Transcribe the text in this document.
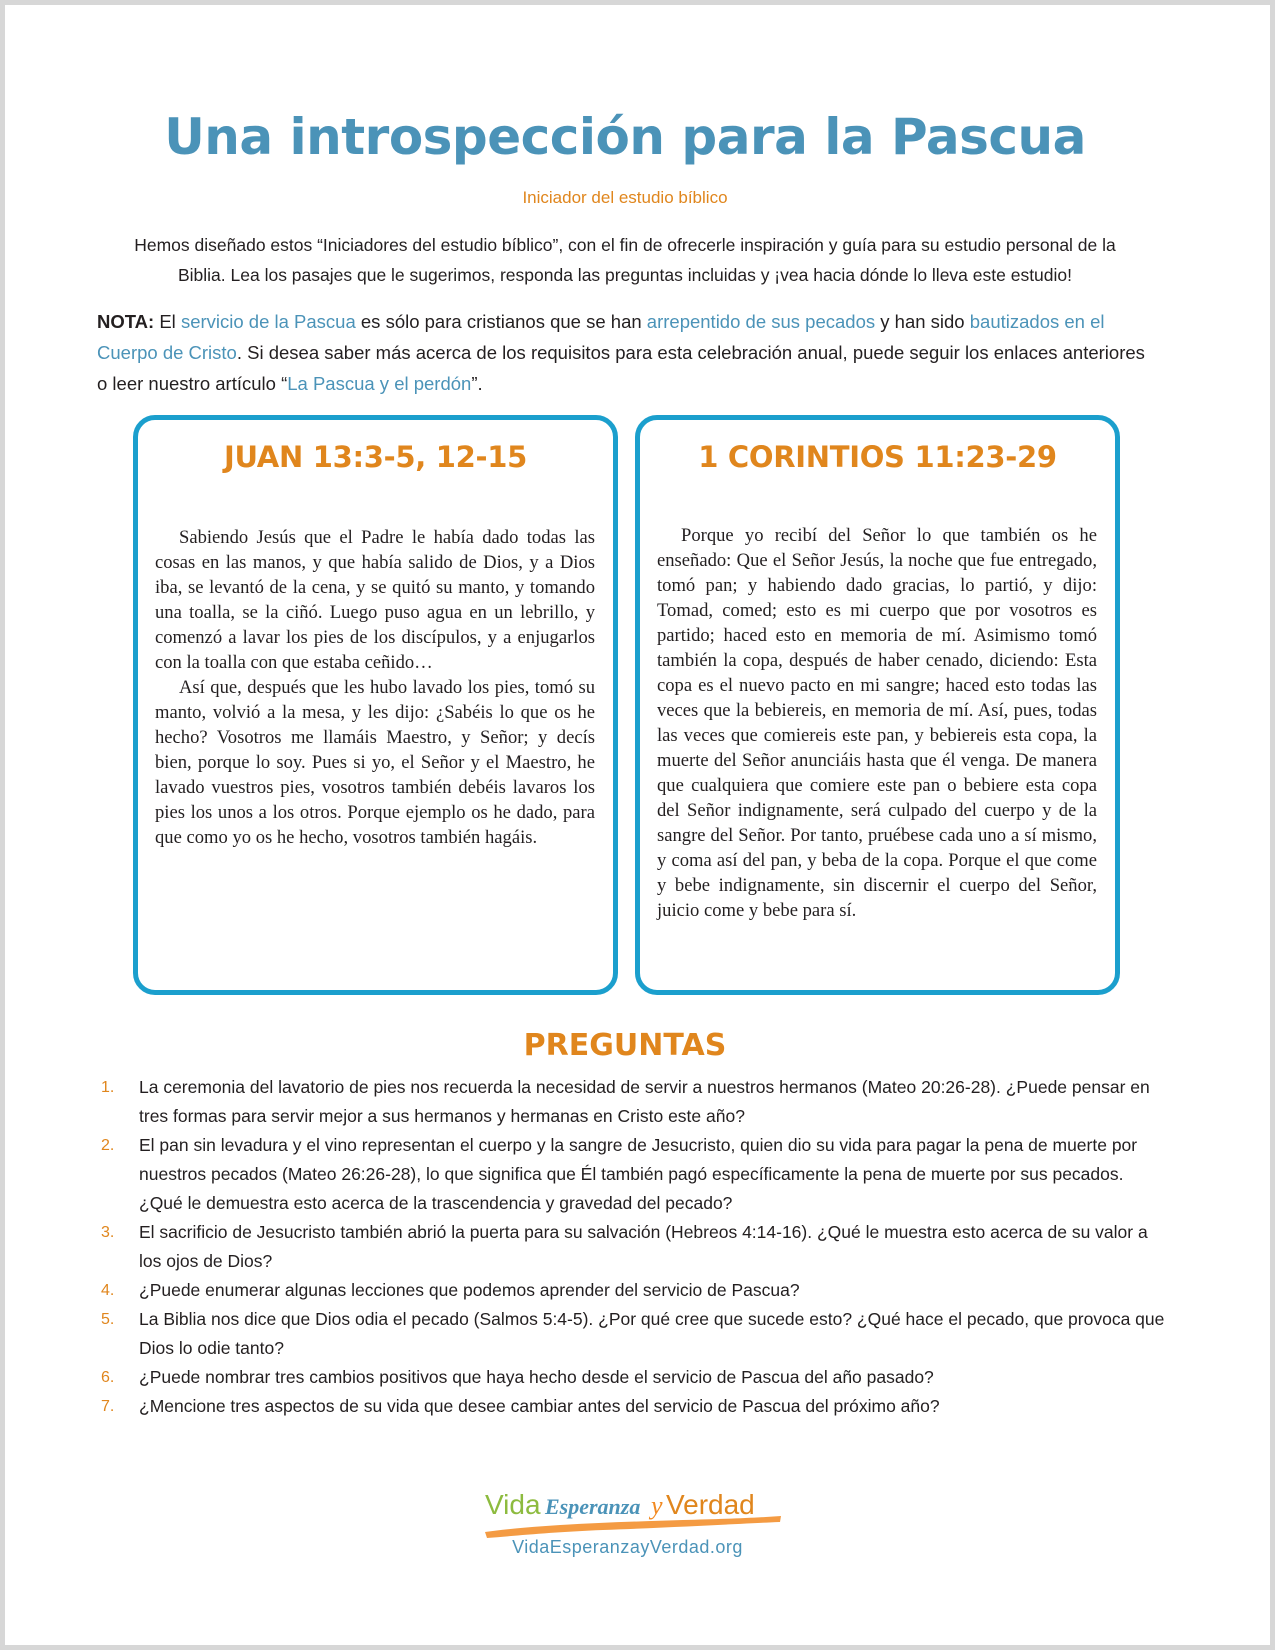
Una introspección para la Pascua
Iniciador del estudio bíblico

Hemos diseñado estos “Iniciadores del estudio bíblico”, con el fin de ofrecerle inspiración y guía para su estudio personal de la Biblia. Lea los pasajes que le sugerimos, responda las preguntas incluidas y ¡vea hacia dónde lo lleva este estudio!

NOTA: El servicio de la Pascua es sólo para cristianos que se han arrepentido de sus pecados y han sido bautizados en el Cuerpo de Cristo. Si desea saber más acerca de los requisitos para esta celebración anual, puede seguir los enlaces anteriores o leer nuestro artículo “La Pascua y el perdón”.

JUAN 13:3-5, 12-15

Sabiendo Jesús que el Padre le había dado todas las cosas en las manos, y que había salido de Dios, y a Dios iba, se levantó de la cena, y se quitó su manto, y tomando una toalla, se la ciñó. Luego puso agua en un lebrillo, y comenzó a lavar los pies de los discípulos, y a enjugarlos con la toalla con que estaba ceñido…

Así que, después que les hubo lavado los pies, tomó su manto, volvió a la mesa, y les dijo: ¿Sabéis lo que os he hecho? Vosotros me llamáis Maestro, y Señor; y decís bien, porque lo soy. Pues si yo, el Señor y el Maestro, he lavado vuestros pies, vosotros también debéis lavaros los pies los unos a los otros. Porque ejemplo os he dado, para que como yo os he hecho, vosotros también hagáis.

1 CORINTIOS 11:23-29

Porque yo recibí del Señor lo que también os he enseñado: Que el Señor Jesús, la noche que fue entregado, tomó pan; y habiendo dado gracias, lo partió, y dijo: Tomad, comed; esto es mi cuerpo que por vosotros es partido; haced esto en memoria de mí. Asimismo tomó también la copa, después de haber cenado, diciendo: Esta copa es el nuevo pacto en mi sangre; haced esto todas las veces que la bebiereis, en memoria de mí. Así, pues, todas las veces que comiereis este pan, y bebiereis esta copa, la muerte del Señor anunciáis hasta que él venga. De manera que cualquiera que comiere este pan o bebiere esta copa del Señor indignamente, será culpado del cuerpo y de la sangre del Señor. Por tanto, pruébese cada uno a sí mismo, y coma así del pan, y beba de la copa. Porque el que come y bebe indignamente, sin discernir el cuerpo del Señor, juicio come y bebe para sí.

PREGUNTAS
1. La ceremonia del lavatorio de pies nos recuerda la necesidad de servir a nuestros hermanos (Mateo 20:26-28). ¿Puede pensar en tres formas para servir mejor a sus hermanos y hermanas en Cristo este año?
2. El pan sin levadura y el vino representan el cuerpo y la sangre de Jesucristo, quien dio su vida para pagar la pena de muerte por nuestros pecados (Mateo 26:26-28), lo que significa que Él también pagó específicamente la pena de muerte por sus pecados. ¿Qué le demuestra esto acerca de la trascendencia y gravedad del pecado?
3. El sacrificio de Jesucristo también abrió la puerta para su salvación (Hebreos 4:14-16). ¿Qué le muestra esto acerca de su valor a los ojos de Dios?
4. ¿Puede enumerar algunas lecciones que podemos aprender del servicio de Pascua?
5. La Biblia nos dice que Dios odia el pecado (Salmos 5:4-5). ¿Por qué cree que sucede esto? ¿Qué hace el pecado, que provoca que Dios lo odie tanto?
6. ¿Puede nombrar tres cambios positivos que haya hecho desde el servicio de Pascua del año pasado?
7. ¿Mencione tres aspectos de su vida que desee cambiar antes del servicio de Pascua del próximo año?
Vida Esperanza y Verdad
VidaEsperanzayVerdad.org
